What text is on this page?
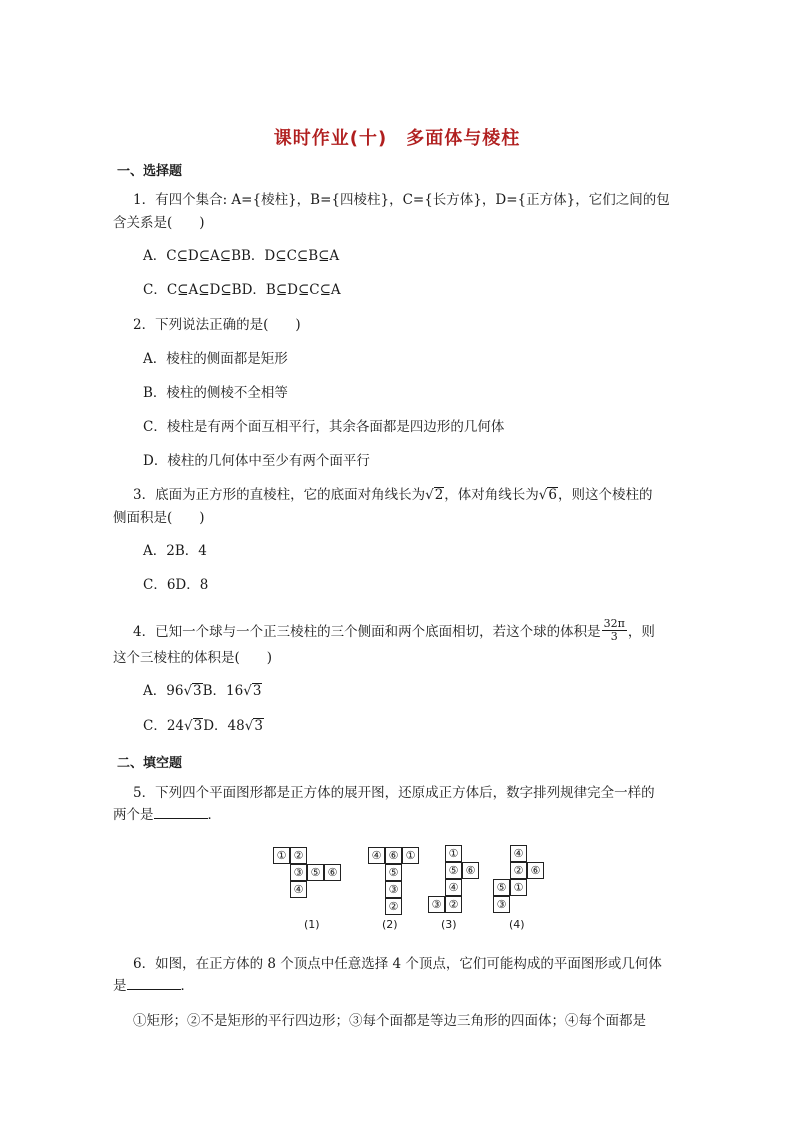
课时作业(十)　多面体与棱柱
一、选择题
1．有四个集合: A={棱柱}，B={四棱柱}，C={长方体}，D={正方体}，它们之间的包
含关系是(　　)
A．C⊆D⊆A⊆BB．D⊆C⊆B⊆A
C．C⊆A⊆D⊆BD．B⊆D⊆C⊆A
2．下列说法正确的是(　　)
A．棱柱的侧面都是矩形
B．棱柱的侧棱不全相等
C．棱柱是有两个面互相平行，其余各面都是四边形的几何体
D．棱柱的几何体中至少有两个面平行
3．底面为正方形的直棱柱，它的底面对角线长为√2，体对角线长为√6，则这个棱柱的
侧面积是(　　)
A．2B．4
C．6D．8
4．已知一个球与一个正三棱柱的三个侧面和两个底面相切，若这个球的体积是 $\frac{32\pi}{3}$ ，则
这个三棱柱的体积是(　　)
A．96√3B．16√3
C．24√3D．48√3
二、填空题
5．下列四个平面图形都是正方体的展开图，还原成正方体后，数字排列规律完全一样的
两个是	．
① ②
③ ⑤ ⑥
④
(1)
④ ⑥ ①
⑤
③
②
(2)
①
⑤ ⑥
④
③ ②
(3)
④
② ⑥
⑤ ①
③
(4)
6．如图，在正方体的 8 个顶点中任意选择 4 个顶点，它们可能构成的平面图形或几何体
是	．
①矩形；②不是矩形的平行四边形；③每个面都是等边三角形的四面体；④每个面都是
